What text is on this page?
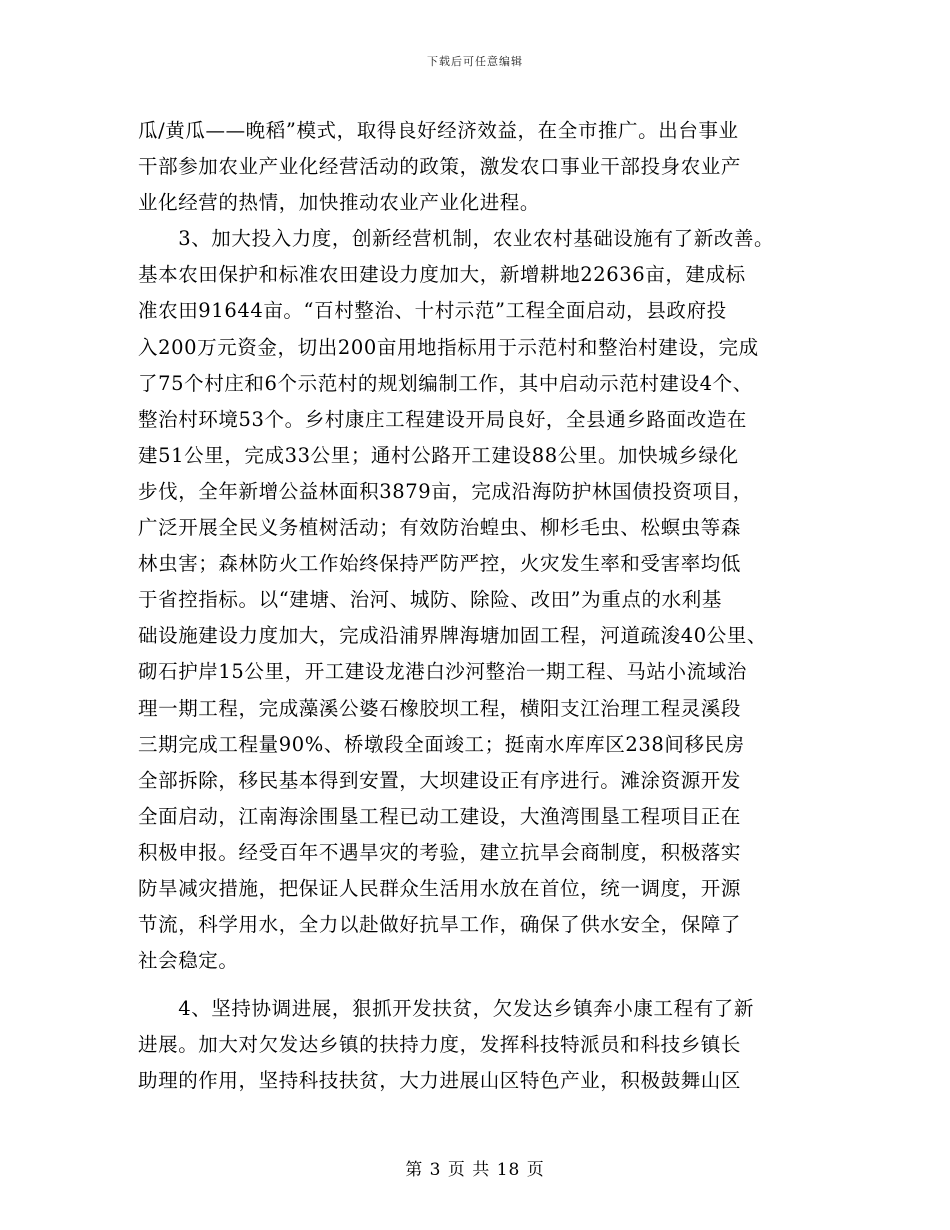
下载后可任意编辑
瓜/黄瓜——晚稻”模式，取得良好经济效益，在全市推广。出台事业
干部参加农业产业化经营活动的政策，激发农口事业干部投身农业产
业化经营的热情，加快推动农业产业化进程。
　　3、加大投入力度，创新经营机制，农业农村基础设施有了新改善。
基本农田保护和标准农田建设力度加大，新增耕地22636亩，建成标
准农田91644亩。“百村整治、十村示范”工程全面启动，县政府投
入200万元资金，切出200亩用地指标用于示范村和整治村建设，完成
了75个村庄和6个示范村的规划编制工作，其中启动示范村建设4个、
整治村环境53个。乡村康庄工程建设开局良好，全县通乡路面改造在
建51公里，完成33公里；通村公路开工建设88公里。加快城乡绿化
步伐，全年新增公益林面积3879亩，完成沿海防护林国债投资项目，
广泛开展全民义务植树活动；有效防治蝗虫、柳杉毛虫、松螟虫等森
林虫害；森林防火工作始终保持严防严控，火灾发生率和受害率均低
于省控指标。以“建塘、治河、城防、除险、改田”为重点的水利基
础设施建设力度加大，完成沿浦界牌海塘加固工程，河道疏浚40公里、
砌石护岸15公里，开工建设龙港白沙河整治一期工程、马站小流域治
理一期工程，完成藻溪公婆石橡胶坝工程，横阳支江治理工程灵溪段
三期完成工程量90%、桥墩段全面竣工；挺南水库库区238间移民房
全部拆除，移民基本得到安置，大坝建设正有序进行。滩涂资源开发
全面启动，江南海涂围垦工程已动工建设，大渔湾围垦工程项目正在
积极申报。经受百年不遇旱灾的考验，建立抗旱会商制度，积极落实
防旱减灾措施，把保证人民群众生活用水放在首位，统一调度，开源
节流，科学用水，全力以赴做好抗旱工作，确保了供水安全，保障了
社会稳定。
　　4、坚持协调进展，狠抓开发扶贫，欠发达乡镇奔小康工程有了新
进展。加大对欠发达乡镇的扶持力度，发挥科技特派员和科技乡镇长
助理的作用，坚持科技扶贫，大力进展山区特色产业，积极鼓舞山区
第 3 页 共 18 页
